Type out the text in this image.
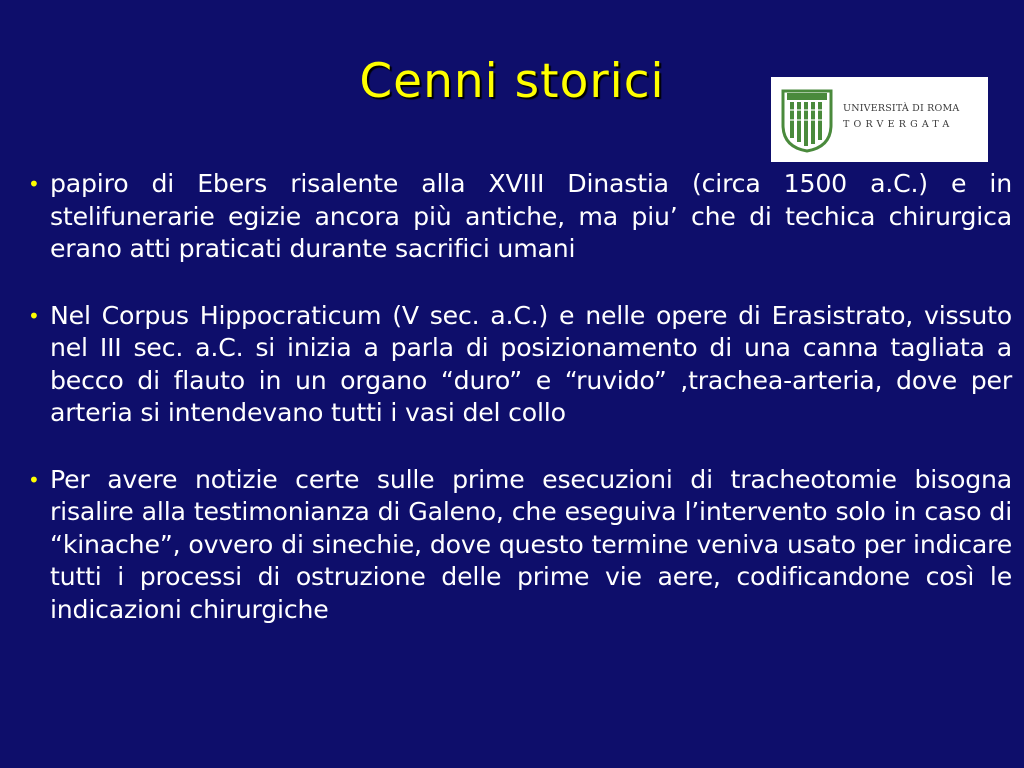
Cenni storici	UNIVERSITÀ DI ROMA
TORVERGATA
• papiro di Ebers risalente alla XVIII Dinastia (circa 1500 a.C.) e in stelifunerarie egizie ancora più antiche, ma piu’ che di techica chirurgica erano atti praticati durante sacrifici umani

• Nel Corpus Hippocraticum (V sec. a.C.) e nelle opere di Erasistrato, vissuto nel III sec. a.C. si inizia a parla di posizionamento di una canna tagliata a becco di flauto in un organo “duro” e “ruvido” ,trachea-arteria, dove per arteria si intendevano tutti i vasi del collo

• Per avere notizie certe sulle prime esecuzioni di tracheotomie bisogna risalire alla testimonianza di Galeno, che eseguiva l’intervento solo in caso di “kinache”, ovvero di sinechie, dove questo termine veniva usato per indicare tutti i processi di ostruzione delle prime vie aere, codificandone così le indicazioni chirurgiche
